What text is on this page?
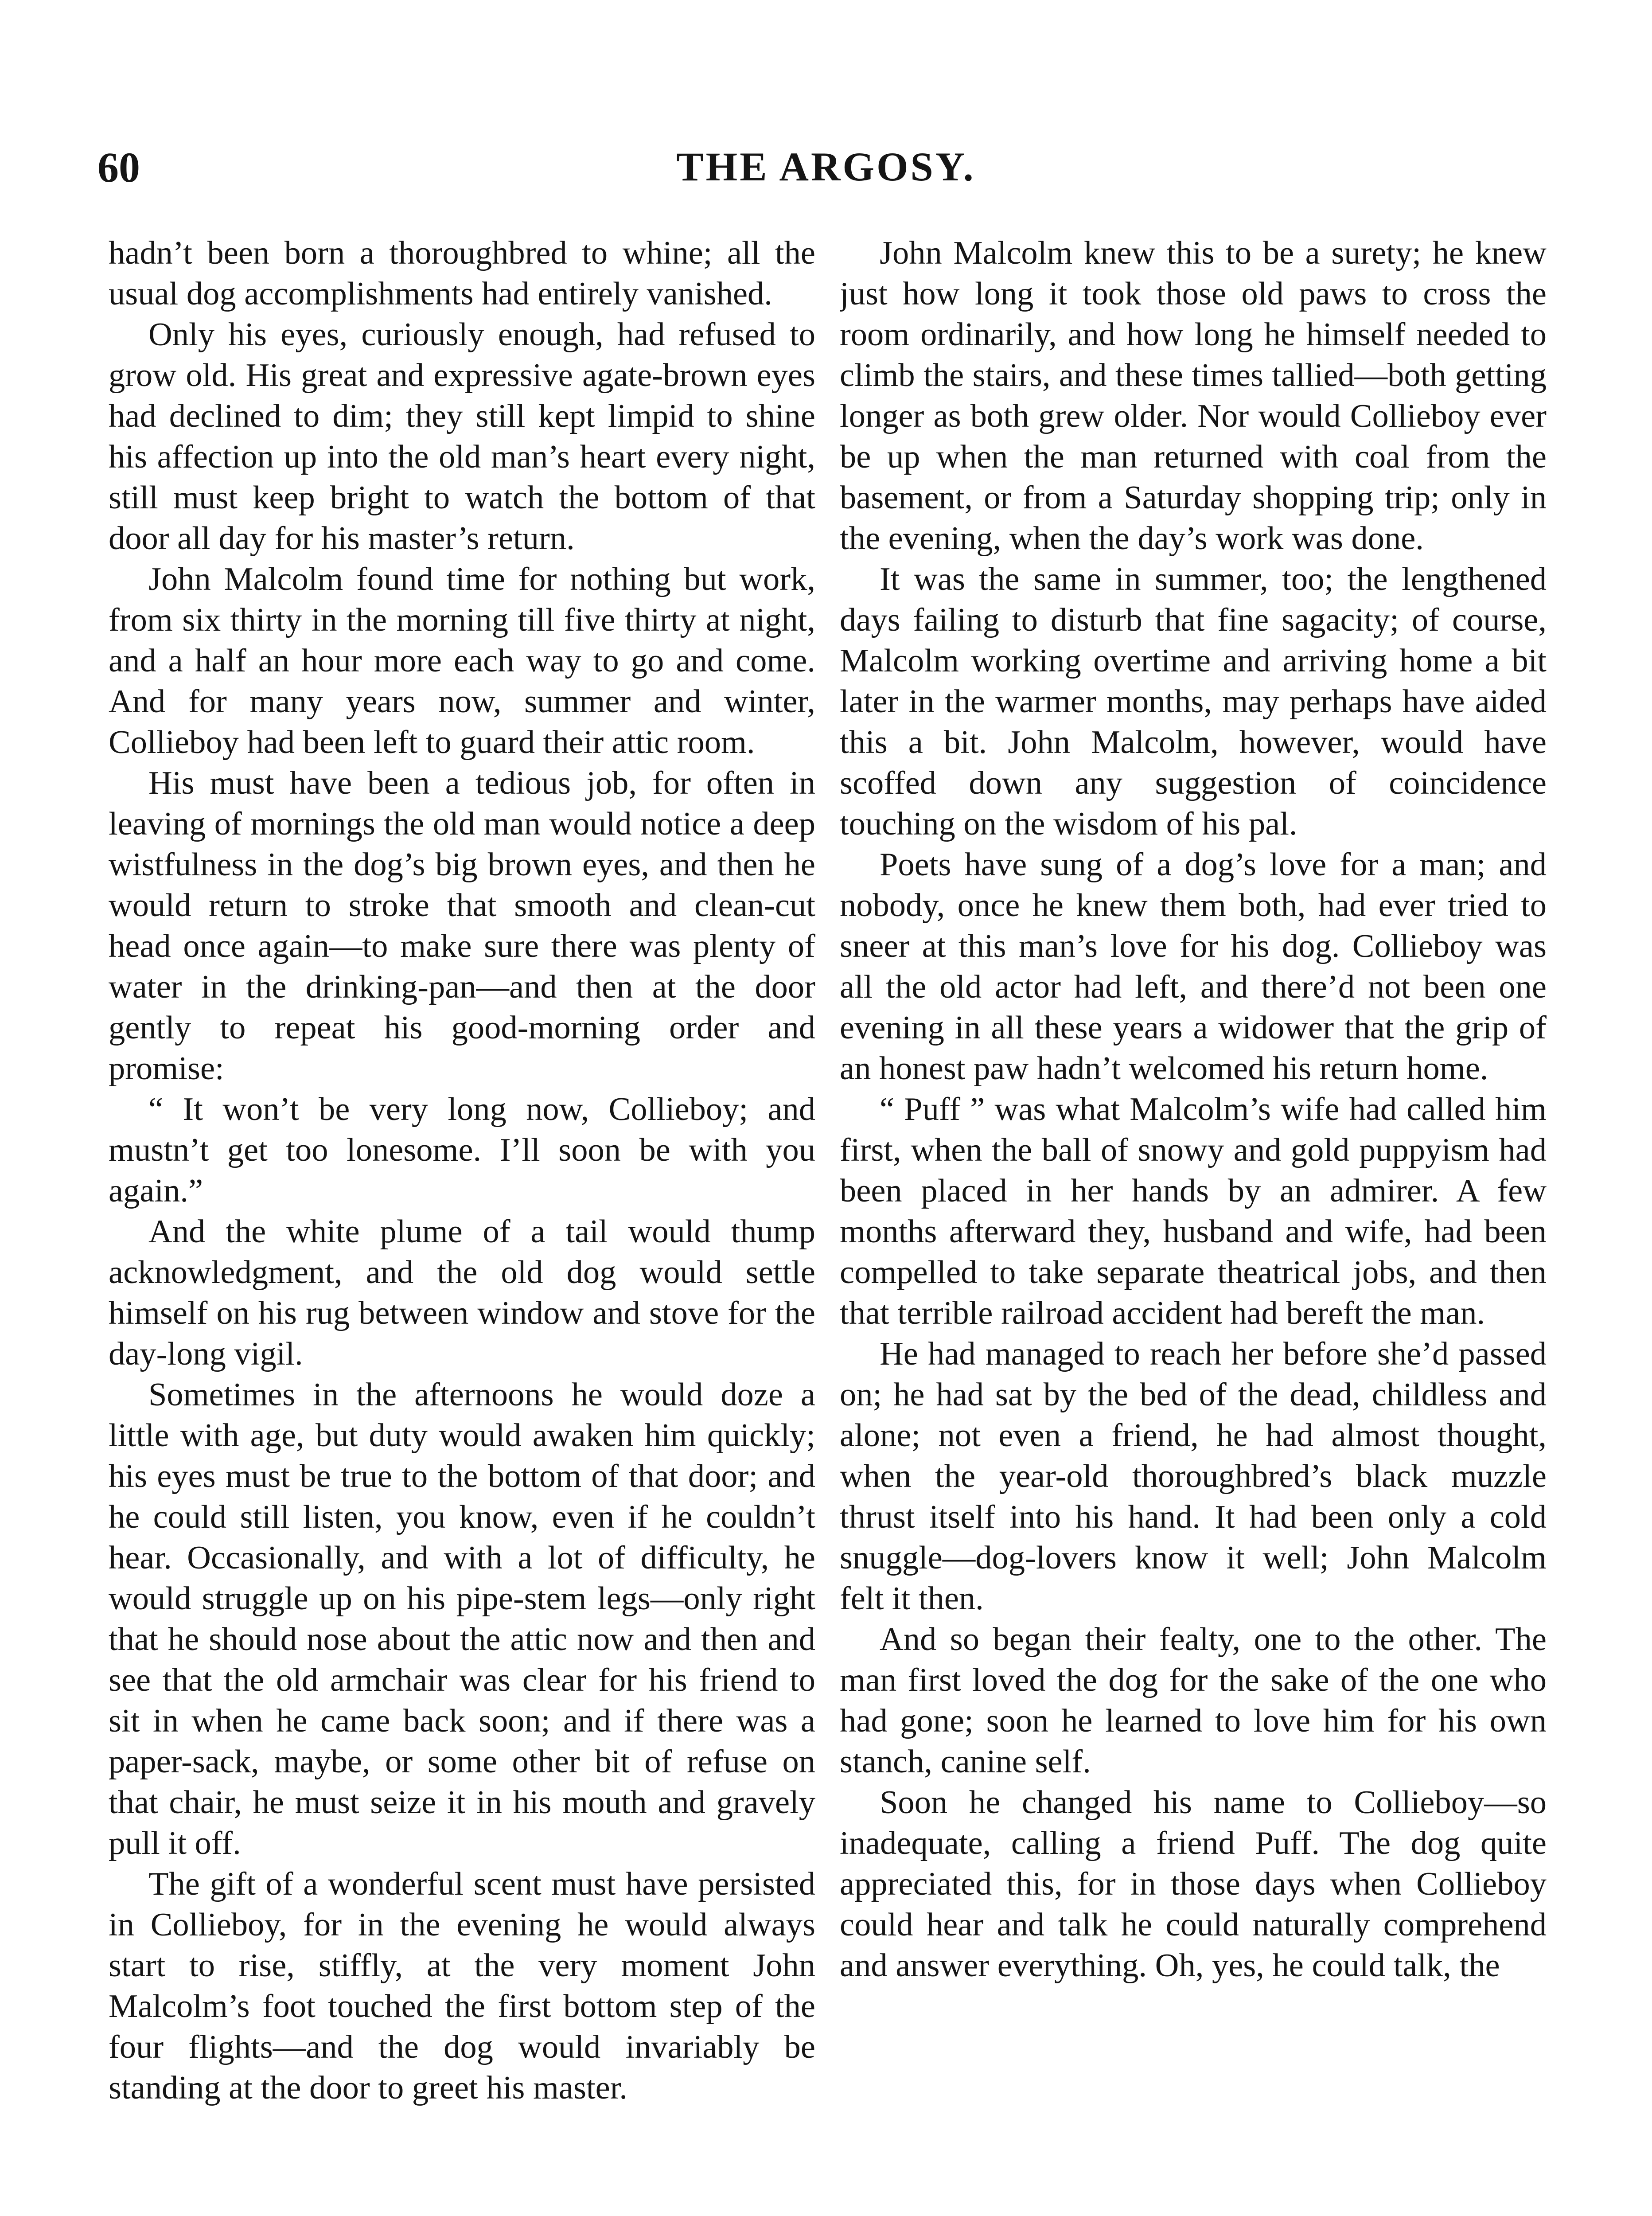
60	THE ARGOSY.

hadn’t been born a thoroughbred to whine; all the usual dog accomplishments had entirely vanished.

Only his eyes, curiously enough, had refused to grow old. His great and expressive agate-brown eyes had declined to dim; they still kept limpid to shine his affection up into the old man’s heart every night, still must keep bright to watch the bottom of that door all day for his master’s return.

John Malcolm found time for nothing but work, from six thirty in the morning till five thirty at night, and a half an hour more each way to go and come. And for many years now, summer and winter, Collieboy had been left to guard their attic room.

His must have been a tedious job, for often in leaving of mornings the old man would notice a deep wistfulness in the dog’s big brown eyes, and then he would return to stroke that smooth and clean-cut head once again—to make sure there was plenty of water in the drinking-pan—and then at the door gently to repeat his good-morning order and promise:

“ It won’t be very long now, Collieboy; and mustn’t get too lonesome. I’ll soon be with you again.”

And the white plume of a tail would thump acknowledgment, and the old dog would settle himself on his rug between window and stove for the day-long vigil.

Sometimes in the afternoons he would doze a little with age, but duty would awaken him quickly; his eyes must be true to the bottom of that door; and he could still listen, you know, even if he couldn’t hear. Occasionally, and with a lot of difficulty, he would struggle up on his pipe-stem legs—only right that he should nose about the attic now and then and see that the old armchair was clear for his friend to sit in when he came back soon; and if there was a paper-sack, maybe, or some other bit of refuse on that chair, he must seize it in his mouth and gravely pull it off.

The gift of a wonderful scent must have persisted in Collieboy, for in the evening he would always start to rise, stiffly, at the very moment John Malcolm’s foot touched the first bottom step of the four flights—and the dog would invariably be standing at the door to greet his master.

John Malcolm knew this to be a surety; he knew just how long it took those old paws to cross the room ordinarily, and how long he himself needed to climb the stairs, and these times tallied—both getting longer as both grew older. Nor would Collieboy ever be up when the man returned with coal from the basement, or from a Saturday shopping trip; only in the evening, when the day’s work was done.

It was the same in summer, too; the lengthened days failing to disturb that fine sagacity; of course, Malcolm working overtime and arriving home a bit later in the warmer months, may perhaps have aided this a bit. John Malcolm, however, would have scoffed down any suggestion of coincidence touching on the wisdom of his pal.

Poets have sung of a dog’s love for a man; and nobody, once he knew them both, had ever tried to sneer at this man’s love for his dog. Collieboy was all the old actor had left, and there’d not been one evening in all these years a widower that the grip of an honest paw hadn’t welcomed his return home.

“ Puff ” was what Malcolm’s wife had called him first, when the ball of snowy and gold puppyism had been placed in her hands by an admirer. A few months afterward they, husband and wife, had been compelled to take separate theatrical jobs, and then that terrible railroad accident had bereft the man.

He had managed to reach her before she’d passed on; he had sat by the bed of the dead, childless and alone; not even a friend, he had almost thought, when the year-old thoroughbred’s black muzzle thrust itself into his hand. It had been only a cold snuggle—dog-lovers know it well; John Malcolm felt it then.

And so began their fealty, one to the other. The man first loved the dog for the sake of the one who had gone; soon he learned to love him for his own stanch, canine self.

Soon he changed his name to Collieboy—so inadequate, calling a friend Puff. The dog quite appreciated this, for in those days when Collieboy could hear and talk he could naturally comprehend and answer everything. Oh, yes, he could talk, the
